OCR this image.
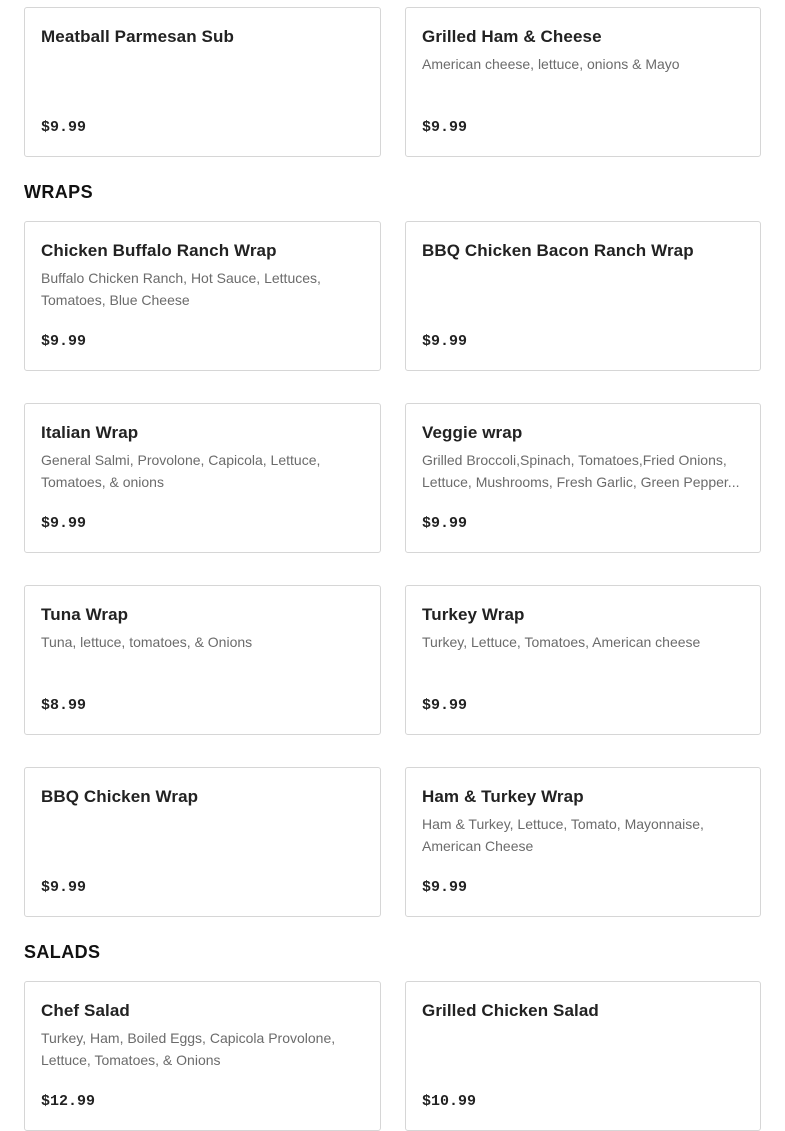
Meatball Parmesan Sub
$9.99
Grilled Ham & Cheese
American cheese, lettuce, onions & Mayo
$9.99
WRAPS
Chicken Buffalo Ranch Wrap
Buffalo Chicken Ranch, Hot Sauce, Lettuces, Tomatoes, Blue Cheese
$9.99
BBQ Chicken Bacon Ranch Wrap
$9.99
Italian Wrap
General Salmi, Provolone, Capicola, Lettuce, Tomatoes, & onions
$9.99
Veggie wrap
Grilled Broccoli,Spinach, Tomatoes,Fried Onions, Lettuce, Mushrooms, Fresh Garlic, Green Pepper...
$9.99
Tuna Wrap
Tuna, lettuce, tomatoes, & Onions
$8.99
Turkey Wrap
Turkey, Lettuce, Tomatoes, American cheese
$9.99
BBQ Chicken Wrap
$9.99
Ham & Turkey Wrap
Ham & Turkey, Lettuce, Tomato, Mayonnaise, American Cheese
$9.99
SALADS
Chef Salad
Turkey, Ham, Boiled Eggs, Capicola Provolone, Lettuce, Tomatoes, & Onions
$12.99
Grilled Chicken Salad
$10.99
